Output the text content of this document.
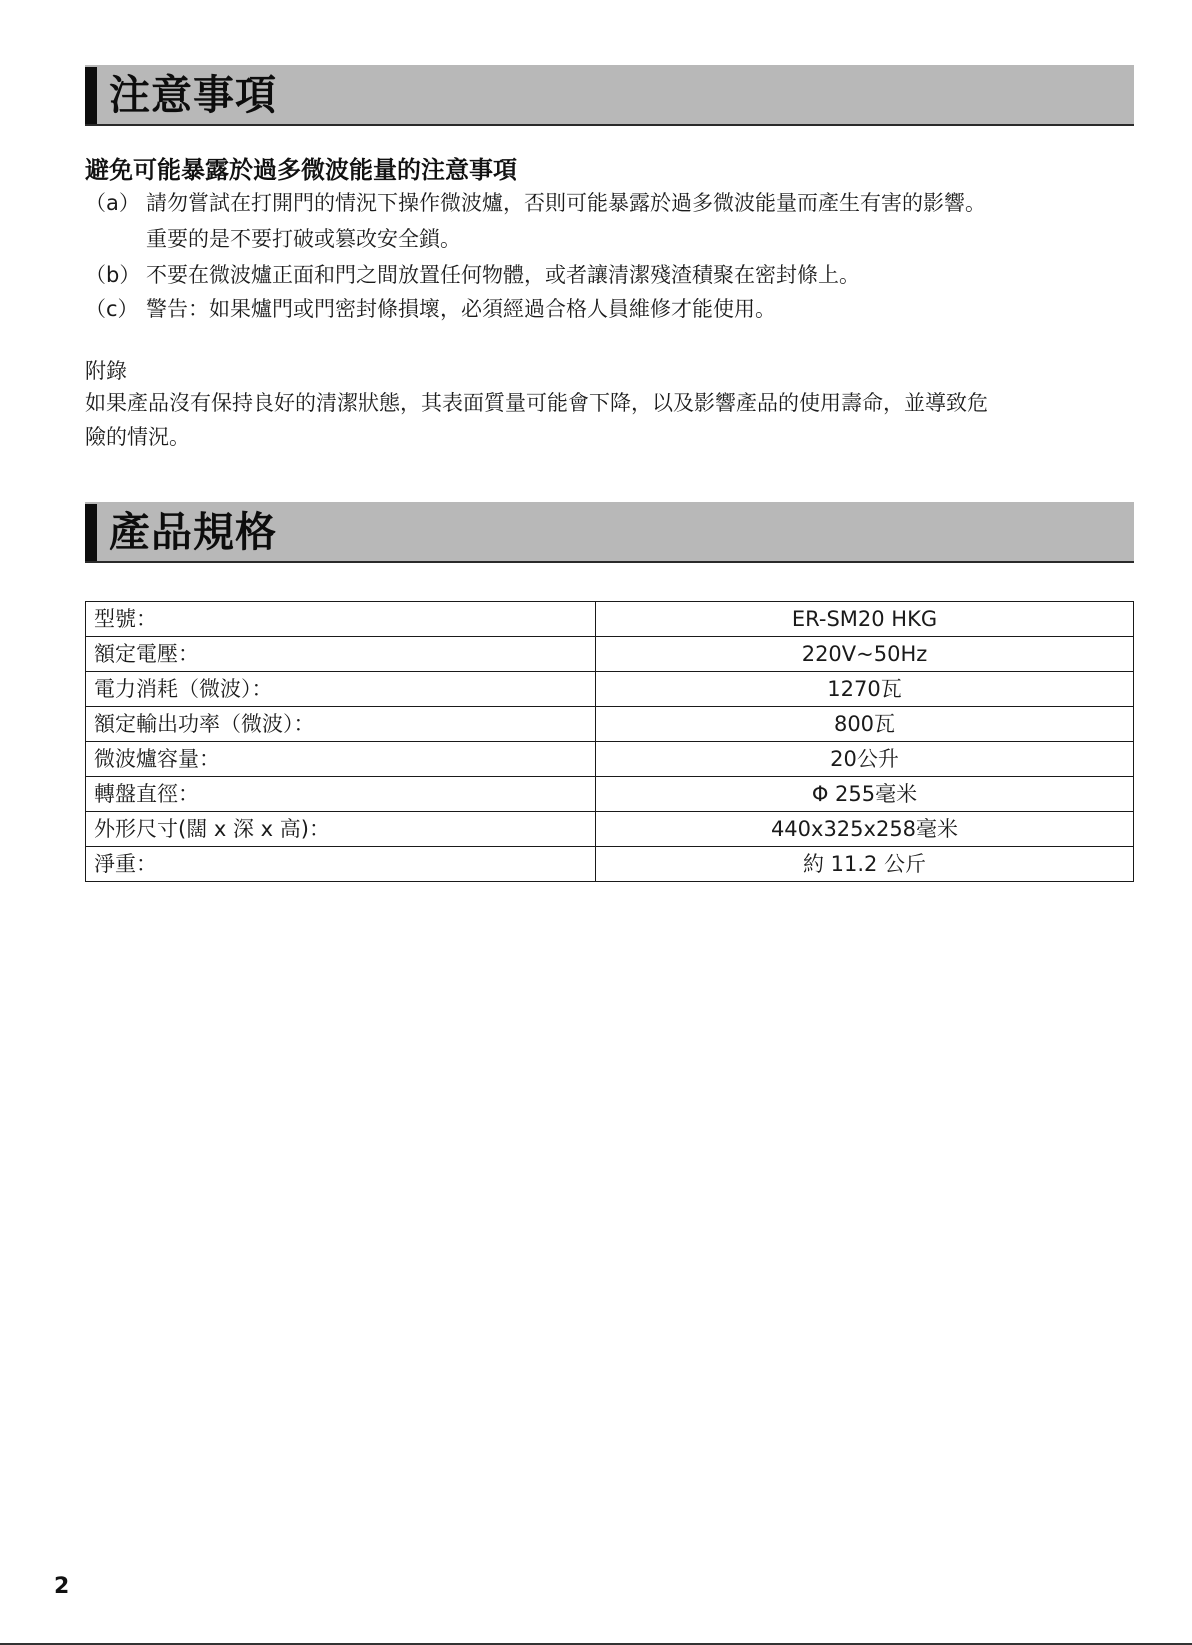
注意事項
避免可能暴露於過多微波能量的注意事項
（a） 請勿嘗試在打開門的情況下操作微波爐，否則可能暴露於過多微波能量而產生有害的影響。
重要的是不要打破或篡改安全鎖。
（b） 不要在微波爐正面和門之間放置任何物體，或者讓清潔殘渣積聚在密封條上。
（c） 警告：如果爐門或門密封條損壞，必須經過合格人員維修才能使用。
附錄
如果產品沒有保持良好的清潔狀態，其表面質量可能會下降，以及影響產品的使用壽命，並導致危
險的情況。
產品規格
型號：	ER-SM20 HKG
額定電壓：	220V~50Hz
電力消耗（微波）：	1270瓦
額定輸出功率（微波）：	800瓦
微波爐容量：	20公升
轉盤直徑：	Φ 255毫米
外形尺寸(闊 x 深 x 高)：	440x325x258毫米
淨重：	約 11.2 公斤
2
